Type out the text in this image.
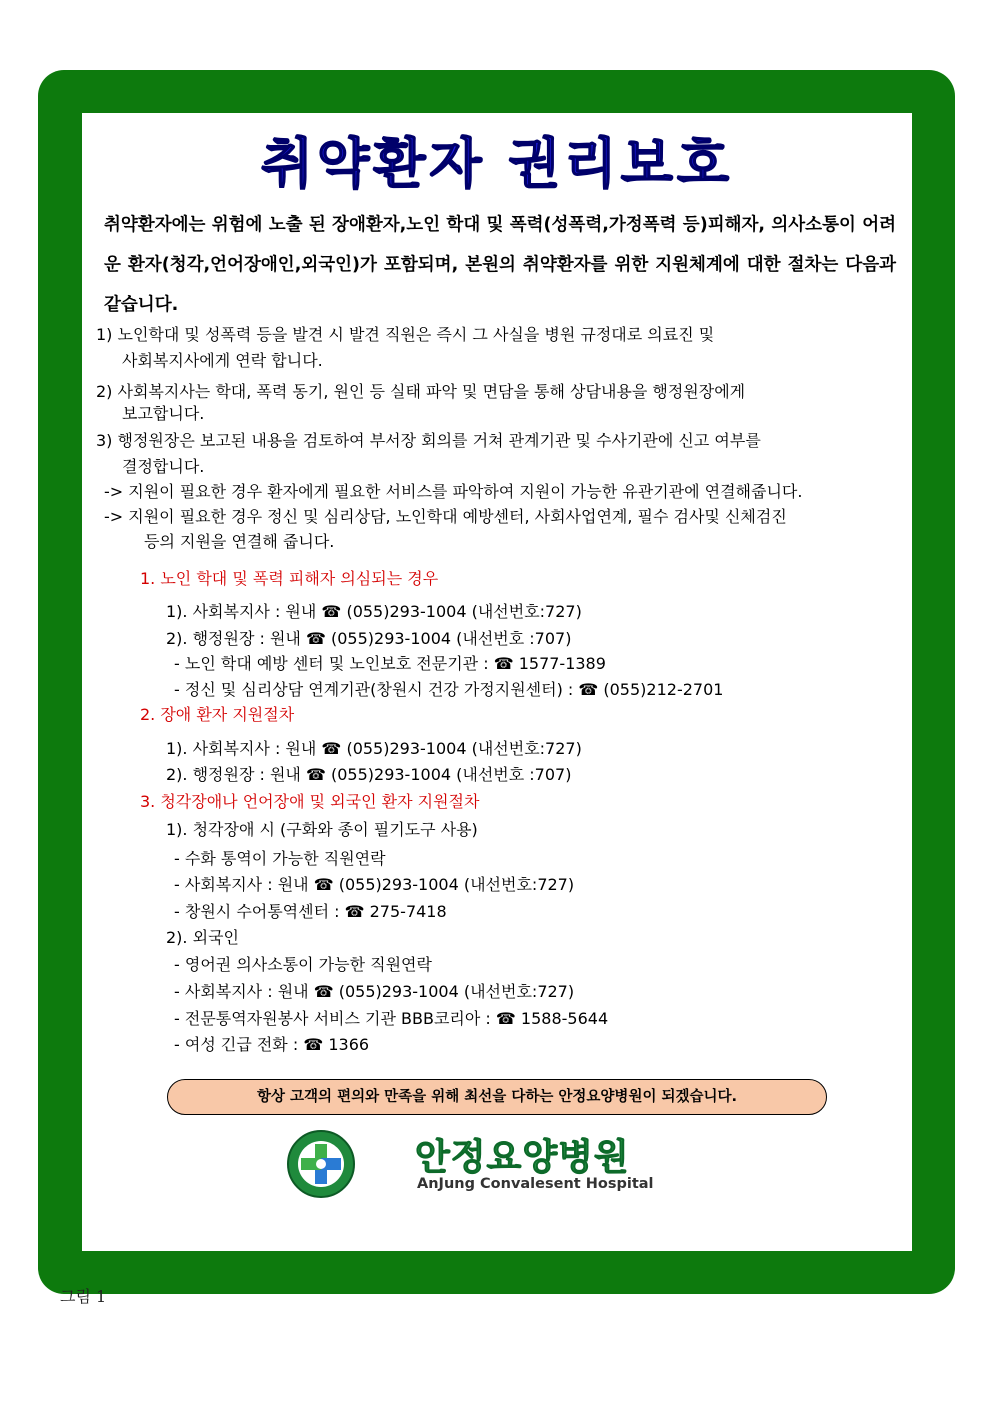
취약환자 권리보호
취약환자에는 위험에 노출 된 장애환자,노인 학대 및 폭력(성폭력,가정폭력 등)피해자, 의사소통이 어려운 환자(청각,언어장애인,외국인)가 포함되며, 본원의 취약환자를 위한 지원체계에 대한 절차는 다음과 같습니다.
1) 노인학대 및 성폭력 등을 발견 시 발견 직원은 즉시 그 사실을 병원 규정대로 의료진 및
사회복지사에게 연락 합니다.
2) 사회복지사는 학대, 폭력 동기, 원인 등 실태 파악 및 면담을 통해 상담내용을 행정원장에게
보고합니다.
3) 행정원장은 보고된 내용을 검토하여 부서장 회의를 거쳐 관계기관 및 수사기관에 신고 여부를
결정합니다.
-> 지원이 필요한 경우 환자에게 필요한 서비스를 파악하여 지원이 가능한 유관기관에 연결해줍니다.
-> 지원이 필요한 경우 정신 및 심리상담, 노인학대 예방센터, 사회사업연계, 필수 검사및 신체검진
등의 지원을 연결해 줍니다.
1. 노인 학대 및 폭력 피해자 의심되는 경우
1). 사회복지사 : 원내 ☎ (055)293-1004 (내선번호:727)
2). 행정원장 : 원내 ☎ (055)293-1004 (내선번호 :707)
- 노인 학대 예방 센터 및 노인보호 전문기관 : ☎ 1577-1389
- 정신 및 심리상담 연계기관(창원시 건강 가정지원센터) : ☎ (055)212-2701
2. 장애 환자 지원절차
1). 사회복지사 : 원내 ☎ (055)293-1004 (내선번호:727)
2). 행정원장 : 원내 ☎ (055)293-1004 (내선번호 :707)
3. 청각장애나 언어장애 및 외국인 환자 지원절차
1). 청각장애 시 (구화와 종이 필기도구 사용)
- 수화 통역이 가능한 직원연락
- 사회복지사 : 원내 ☎ (055)293-1004 (내선번호:727)
- 창원시 수어통역센터 : ☎ 275-7418
2). 외국인
- 영어권 의사소통이 가능한 직원연락
- 사회복지사 : 원내 ☎ (055)293-1004 (내선번호:727)
- 전문통역자원봉사 서비스 기관 BBB코리아 : ☎ 1588-5644
- 여성 긴급 전화 : ☎ 1366
항상 고객의 편의와 만족을 위해 최선을 다하는 안정요양병원이 되겠습니다.
안정요양병원
AnJung Convalesent Hospital
그림 1
